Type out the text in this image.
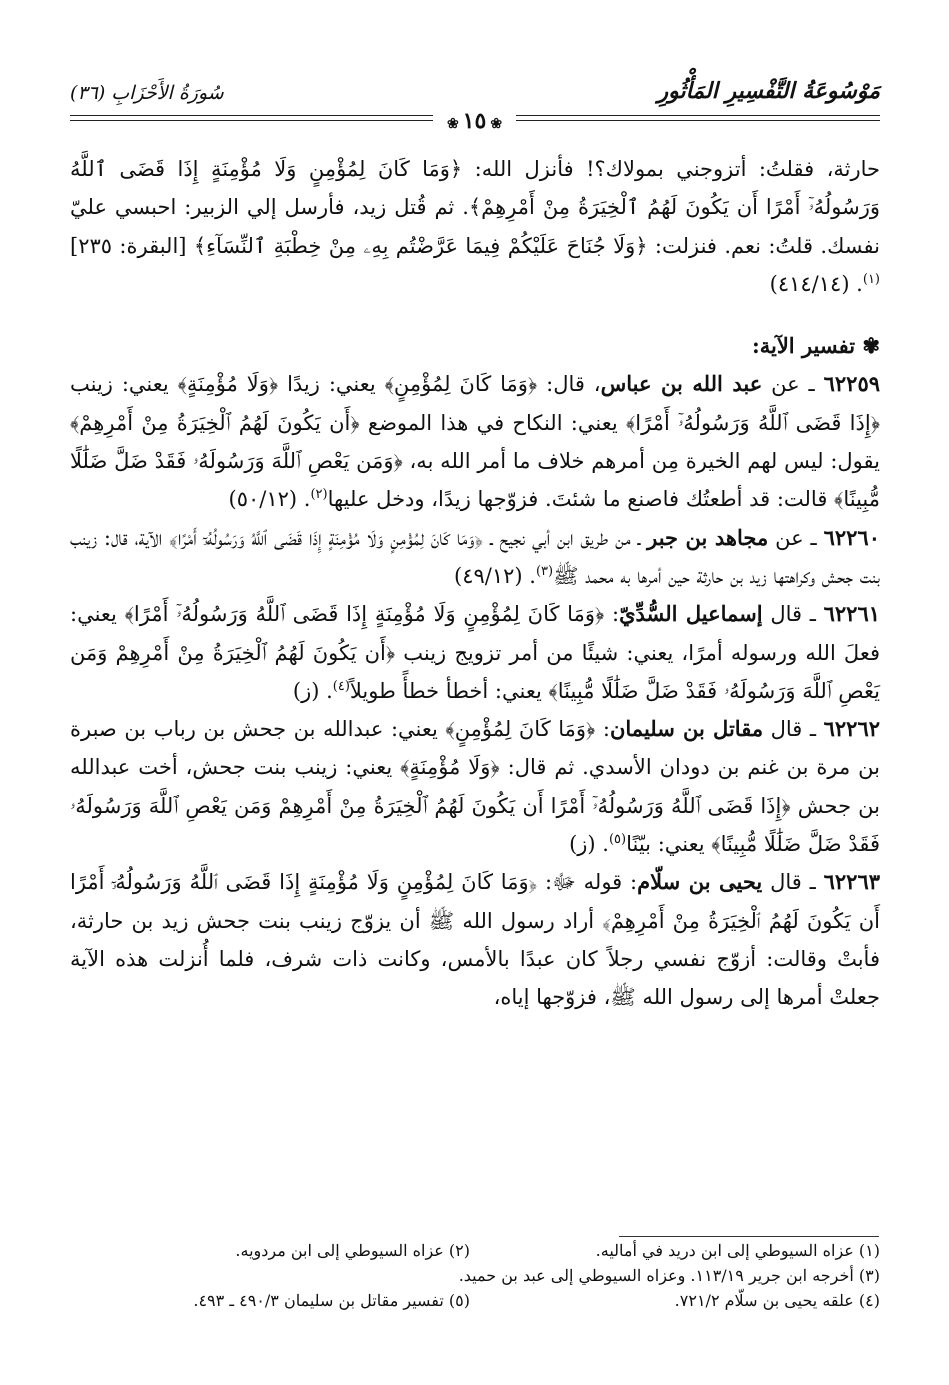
مَوْسُوعَةُ التَّفْسِيرِ المَأْثُورِ
سُورَةُ الأَحْزَابِ (٣٦)
❀ ١٥ ❀

حارثة، فقلتُ: أتزوجني بمولاك؟! فأنزل الله: ﴿وَمَا كَانَ لِمُؤْمِنٍ وَلَا مُؤْمِنَةٍ إِذَا قَضَى ٱللَّهُ وَرَسُولُهُۥٓ أَمْرًا أَن يَكُونَ لَهُمُ ٱلْخِيَرَةُ مِنْ أَمْرِهِمْ﴾. ثم قُتل زيد، فأرسل إلي الزبير: احبسي عليّ نفسك. قلتُ: نعم. فنزلت: ﴿وَلَا جُنَاحَ عَلَيْكُمْ فِيمَا عَرَّضْتُم بِهِۦ مِنْ خِطْبَةِ ٱلنِّسَآءِ﴾ [البقرة: ٢٣٥]$^{(١)}$. (٤١٤/١٤)

✾ تفسير الآية:

٦٢٢٥٩ ـ عن عبد الله بن عباس، قال: ﴿وَمَا كَانَ لِمُؤْمِنٍ﴾ يعني: زيدًا ﴿وَلَا مُؤْمِنَةٍ﴾ يعني: زينب ﴿إِذَا قَضَى ٱللَّهُ وَرَسُولُهُۥٓ أَمْرًا﴾ يعني: النكاح في هذا الموضع ﴿أَن يَكُونَ لَهُمُ ٱلْخِيَرَةُ مِنْ أَمْرِهِمْ﴾ يقول: ليس لهم الخيرة مِن أمرهم خلاف ما أمر الله به، ﴿وَمَن يَعْصِ ٱللَّهَ وَرَسُولَهُۥ فَقَدْ ضَلَّ ضَلَٰلًا مُّبِينًا﴾ قالت: قد أطعتُك فاصنع ما شئتَ. فزوّجها زيدًا، ودخل عليها$^{(٢)}$. (٥٠/١٢)

٦٢٢٦٠ ـ عن مجاهد بن جبر ـ من طريق ابن أبي نجيح ـ ﴿وَمَا كَانَ لِمُؤْمِنٍ وَلَا مُؤْمِنَةٍ إِذَا قَضَى ٱللَّهُ وَرَسُولُهُۥٓ أَمْرًا﴾ الآية، قال: زينب بنت جحش وكراهتها زيد بن حارثة حين أمرها به محمد ﷺ$^{(٣)}$. (٤٩/١٢)

٦٢٢٦١ ـ قال إسماعيل السُّدِّيّ: ﴿وَمَا كَانَ لِمُؤْمِنٍ وَلَا مُؤْمِنَةٍ إِذَا قَضَى ٱللَّهُ وَرَسُولُهُۥٓ أَمْرًا﴾ يعني: فعلَ الله ورسوله أمرًا، يعني: شيئًا من أمر تزويج زينب ﴿أَن يَكُونَ لَهُمُ ٱلْخِيَرَةُ مِنْ أَمْرِهِمْ وَمَن يَعْصِ ٱللَّهَ وَرَسُولَهُۥ فَقَدْ ضَلَّ ضَلَٰلًا مُّبِينًا﴾ يعني: أخطأ خطأً طويلاً$^{(٤)}$. (ز)

٦٢٢٦٢ ـ قال مقاتل بن سليمان: ﴿وَمَا كَانَ لِمُؤْمِنٍ﴾ يعني: عبدالله بن جحش بن رباب بن صبرة بن مرة بن غنم بن دودان الأسدي. ثم قال: ﴿وَلَا مُؤْمِنَةٍ﴾ يعني: زينب بنت جحش، أخت عبدالله بن جحش ﴿إِذَا قَضَى ٱللَّهُ وَرَسُولُهُۥٓ أَمْرًا أَن يَكُونَ لَهُمُ ٱلْخِيَرَةُ مِنْ أَمْرِهِمْ وَمَن يَعْصِ ٱللَّهَ وَرَسُولَهُۥ فَقَدْ ضَلَّ ضَلَٰلًا مُّبِينًا﴾ يعني: بيّنًا$^{(٥)}$. (ز)

٦٢٢٦٣ ـ قال يحيى بن سلّام: قوله ﷻ: ﴿وَمَا كَانَ لِمُؤْمِنٍ وَلَا مُؤْمِنَةٍ إِذَا قَضَى ٱللَّهُ وَرَسُولُهُۥٓ أَمْرًا أَن يَكُونَ لَهُمُ ٱلْخِيَرَةُ مِنْ أَمْرِهِمْ﴾ أراد رسول الله ﷺ أن يزوّج زينب بنت جحش زيد بن حارثة، فأبتْ وقالت: أزوّج نفسي رجلاً كان عبدًا بالأمس، وكانت ذات شرف، فلما أُنزلت هذه الآية جعلتْ أمرها إلى رسول الله ﷺ، فزوّجها إياه،

(١) عزاه السيوطي إلى ابن دريد في أماليه.
(٢) عزاه السيوطي إلى ابن مردويه.
(٣) أخرجه ابن جرير ١١٣/١٩. وعزاه السيوطي إلى عبد بن حميد.
(٤) علقه يحيى بن سلّام ٧٢١/٢.
(٥) تفسير مقاتل بن سليمان ٤٩٠/٣ ـ ٤٩٣.
